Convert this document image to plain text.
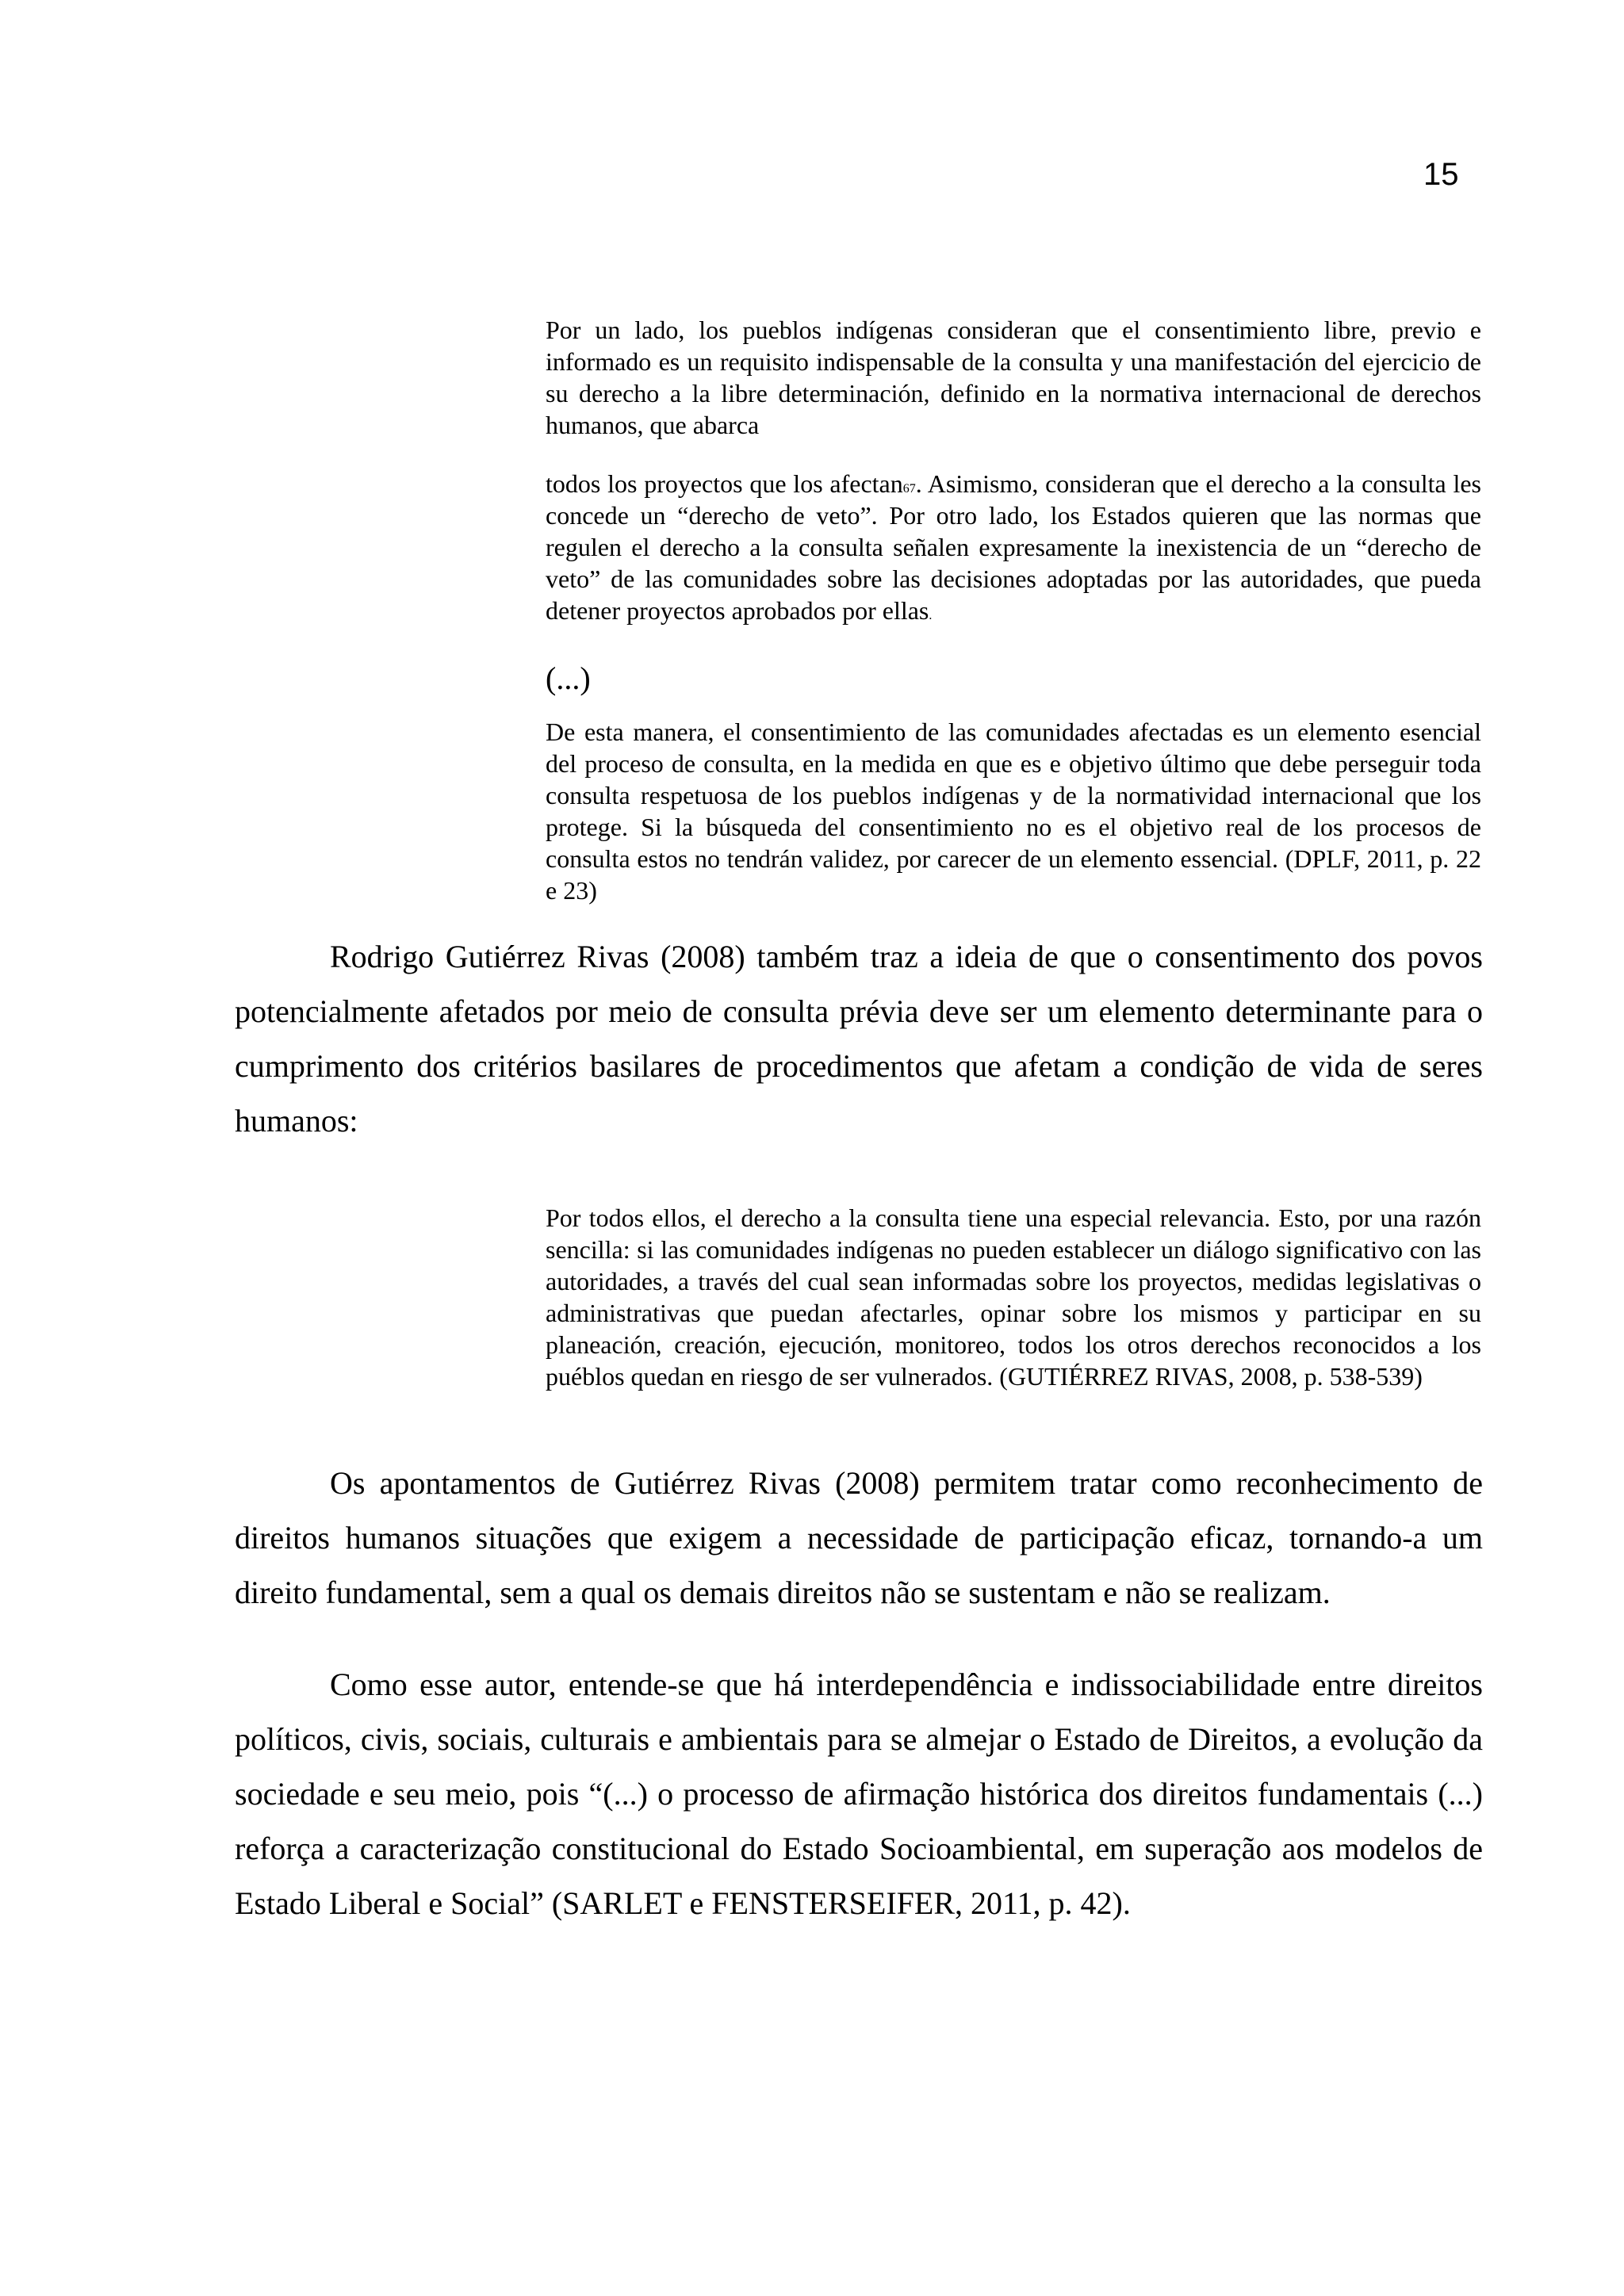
15

Por un lado, los pueblos indígenas consideran que el consentimiento libre, previo e informado es un requisito indispensable de la consulta y una manifestación del ejercicio de su derecho a la libre determinación, definido en la normativa internacional de derechos humanos, que abarca

todos los proyectos que los afectan67. Asimismo, consideran que el derecho a la consulta les concede un “derecho de veto”. Por otro lado, los Estados quieren que las normas que regulen el derecho a la consulta señalen expresamente la inexistencia de un “derecho de veto” de las comunidades sobre las decisiones adoptadas por las autoridades, que pueda detener proyectos aprobados por ellas.

(...)

De esta manera, el consentimiento de las comunidades afectadas es un elemento esencial del proceso de consulta, en la medida en que es e objetivo último que debe perseguir toda consulta respetuosa de los pueblos indígenas y de la normatividad internacional que los protege. Si la búsqueda del consentimiento no es el objetivo real de los procesos de consulta estos no tendrán validez, por carecer de un elemento essencial. (DPLF, 2011, p. 22 e 23)

Rodrigo Gutiérrez Rivas (2008) também traz a ideia de que o consentimento dos povos potencialmente afetados por meio de consulta prévia deve ser um elemento determinante para o cumprimento dos critérios basilares de procedimentos que afetam a condição de vida de seres humanos:

Por todos ellos, el derecho a la consulta tiene una especial relevancia. Esto, por una razón sencilla: si las comunidades indígenas no pueden establecer un diálogo significativo con las autoridades, a través del cual sean informadas sobre los proyectos, medidas legislativas o administrativas que puedan afectarles, opinar sobre los mismos y participar en su planeación, creación, ejecución, monitoreo, todos los otros derechos reconocidos a los puéblos quedan en riesgo de ser vulnerados. (GUTIÉRREZ RIVAS, 2008, p. 538-539)

Os apontamentos de Gutiérrez Rivas (2008) permitem tratar como reconhecimento de direitos humanos situações que exigem a necessidade de participação eficaz, tornando-a um direito fundamental, sem a qual os demais direitos não se sustentam e não se realizam.

Como esse autor, entende-se que há interdependência e indissociabilidade entre direitos políticos, civis, sociais, culturais e ambientais para se almejar o Estado de Direitos, a evolução da sociedade e seu meio, pois “(...) o processo de afirmação histórica dos direitos fundamentais (...) reforça a caracterização constitucional do Estado Socioambiental, em superação aos modelos de Estado Liberal e Social” (SARLET e FENSTERSEIFER, 2011, p. 42).
